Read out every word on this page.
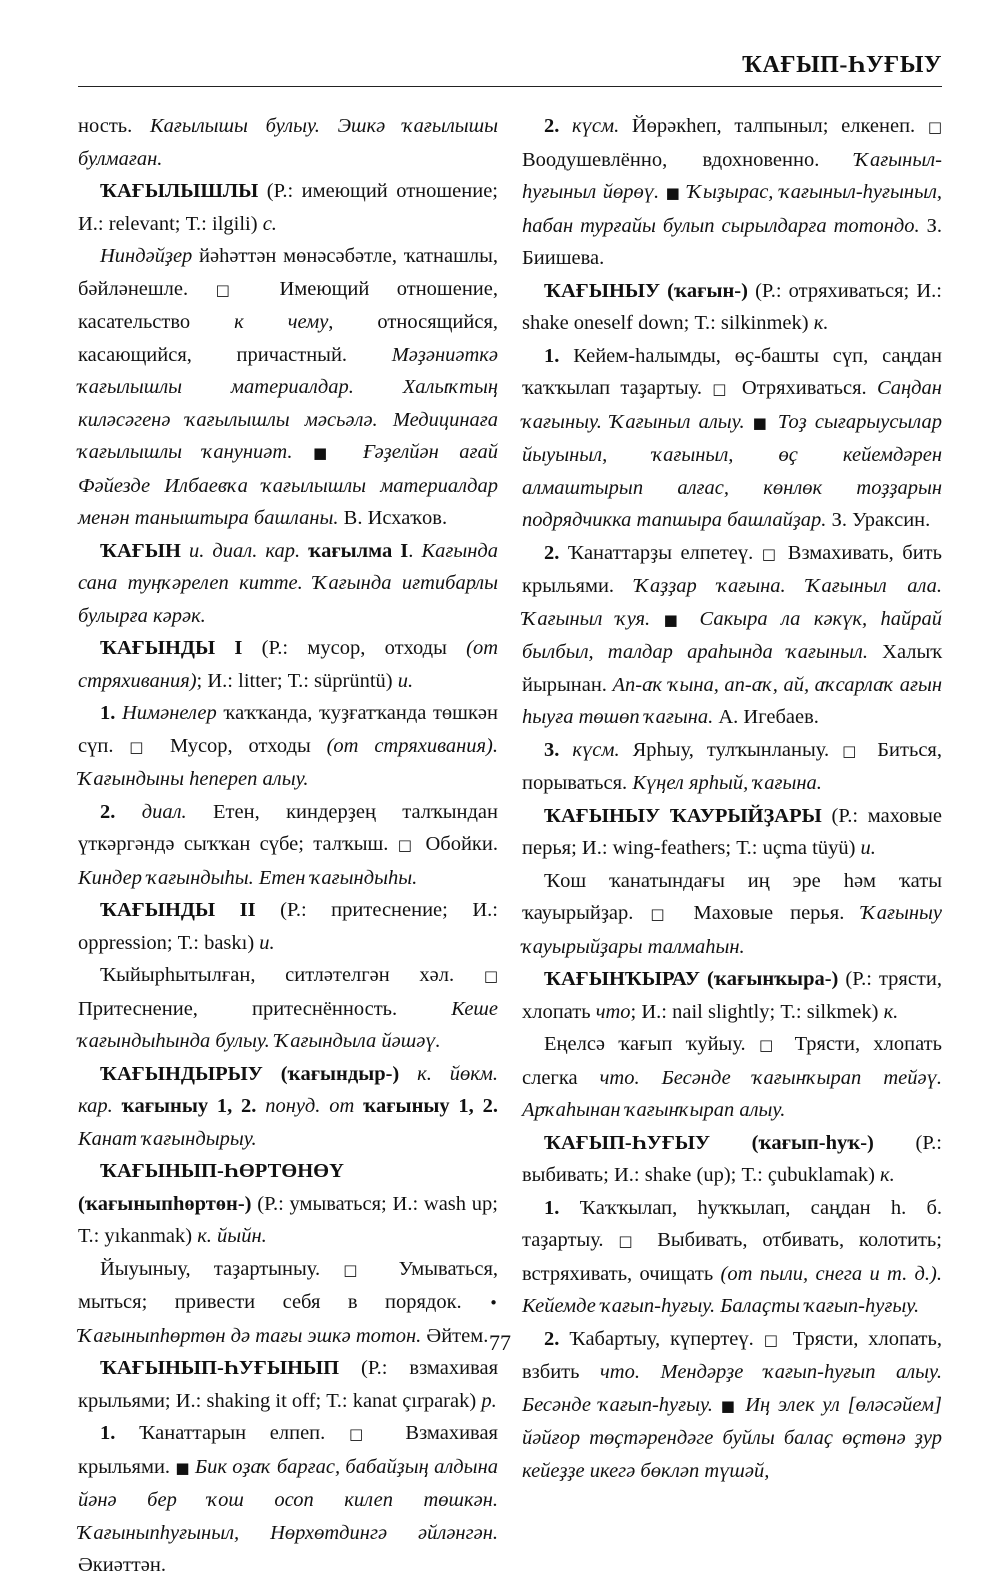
ҠАҒЫП-ҺУҒЫУ

ность. Кағылышы булыу. Эшкә ҡағылышы булмаған.

ҠАҒЫЛЫШЛЫ (Р.: имеющий отношение; И.: relevant; Т.: ilgili) с.

Ниндәйҙер йәһәттән мөнәсәбәтле, ҡатнашлы, бәйләнешле. □ Имеющий отношение, касательство к чему, относящийся, касающийся, причастный. Мәҙәниәткә ҡағылышлы материалдар. Халыҡтың киләсәгенә ҡағылышлы мәсьәлә. Медицинаға ҡағылышлы ҡануниәт. ■ Ғәҙелйән ағай Фәйезде Илбаевҡа ҡағылышлы материалдар менән таныштыра башланы. В. Исхаҡов.

ҠАҒЫН и. диал. кар. ҡағылма I. Кағында сана туңҡәрелеп китте. Ҡағында иғтибарлы булырға кәрәк.

ҠАҒЫНДЫ I (Р.: мусор, отходы (от стряхивания); И.: litter; Т.: süprüntü) и.

1. Нимәнелер ҡаҡҡанда, ҡуҙғатҡанда төшкән сүп. □ Мусор, отходы (от стряхивания). Ҡағындыны һепереп алыу.

2. диал. Етен, киндерҙең талҡындан үткәргәндә сыҡҡан сүбе; талҡыш. □ Обойки. Киндер ҡағындыһы. Етен ҡағындыһы.

ҠАҒЫНДЫ II (Р.: притеснение; И.: oppression; Т.: baskı) и.

Ҡыйырһытылған, ситләтелгән хәл. □ Притеснение, притеснённость. Кеше ҡағындыһында булыу. Ҡағындыла йәшәү.

ҠАҒЫНДЫРЫУ (ҡағындыр-) к. йөкм. кар. ҡағыныу 1, 2. понуд. от ҡағыныу 1, 2. Канат ҡағындырыу.

ҠАҒЫНЫП-ҺӨРТӨНӨҮ (ҡағыныпһөртөн-) (Р.: умываться; И.: wash up; Т.: yıkanmak) к. йыйн.

Йыуыныу, таҙартыныу. □ Умываться, мыться; привести себя в порядок. • Ҡағыныпһөртөн дә тағы эшкә тотон. Әйтем.

ҠАҒЫНЫП-ҺУҒЫНЫП (Р.: взмахивая крыльями; И.: shaking it off; Т.: kanat çırparak) р.

1. Ҡанаттарын елпеп. □ Взмахивая крыльями. ■ Бик оҙаҡ барғас, бабайҙың алдына йәнә бер ҡош осоп килеп төшкән. Ҡағыныпһуғыныл, Нөрхөтдингә әйләнгән. Әкиәттән.

2. күсм. Йөрәкһеп, талпыныл; елкенеп. □ Воодушевлённо, вдохновенно. Ҡағыныл-һуғыныл йөрөү. ■ Ҡыҙырас, ҡағыныл-һуғыныл, һабан турғайы булып сырылдарға тотондо. З. Биишева.

ҠАҒЫНЫУ (ҡағын-) (Р.: отряхиваться; И.: shake oneself down; Т.: silkinmek) к.

1. Кейем-һалымды, өҫ-башты сүп, саңдан ҡаҡҡылап таҙартыу. □ Отряхиваться. Саңдан ҡағыныу. Ҡағыныл алыу. ■ Тоҙ сығарыусылар йыуыныл, ҡағыныл, өҫ кейемдәрен алмаштырып алғас, көнлөк тоҙҙарын подрядчикка тапшыра башлайҙар. З. Уракcин.

2. Ҡанаттарҙы елпетеү. □ Взмахивать, бить крыльями. Ҡаҙҙар ҡағына. Ҡағыныл ала. Ҡағыныл ҡуя. ■ Сакыра ла кәкүк, һайрай былбыл, талдар араһында ҡағыныл. Халыҡ йырынан. Ап-аҡ ҡына, ап-аҡ, ай, аҡсарлаҡ ағын һыуға төшөп ҡағына. А. Игебаев.

3. күсм. Ярһыу, тулҡынланыу. □ Биться, порываться. Күңел ярһый, ҡағына.

ҠАҒЫНЫУ ҠАУРЫЙҘАРЫ (Р.: маховые перья; И.: wing-feathers; Т.: uçma tüyü) и.

Ҡош ҡанатындағы иң эре һәм ҡаты ҡауырыйҙар. □ Маховые перья. Ҡағыныу ҡауырыйҙары талмаһын.

ҠАҒЫНҠЫРАУ (ҡағынҡыра-) (Р.: трясти, хлопать что; И.: nail slightly; Т.: silkmek) к.

Еңелсә ҡағып ҡуйыу. □ Трясти, хлопать слегка что. Бесәнде ҡағынҡырап тейәү. Арҡаһынан ҡағынҡырап алыу.

ҠАҒЫП-ҺУҒЫУ (ҡағып-һуҡ-) (Р.: выбивать; И.: shake (up); Т.: çubuklamak) к.

1. Ҡаҡҡылап, һуҡҡылап, саңдан һ. б. таҙартыу. □ Выбивать, отбивать, колотить; встряхивать, очищать (от пыли, снега и т. д.). Кейемде ҡағып-һуғыу. Балаҫты ҡағып-һуғыу.

2. Ҡабартыу, күпертеү. □ Трясти, хлопать, взбить что. Мендәрҙе ҡағып-һуғып алыу. Бесәнде ҡағып-һуғыу. ■ Иң элек ул [өләсәйем] йәйғор төҫтәрендәге буйлы балаҫ өҫтөнә ҙур кейеҙҙе икегә бөкләп түшәй,

77
